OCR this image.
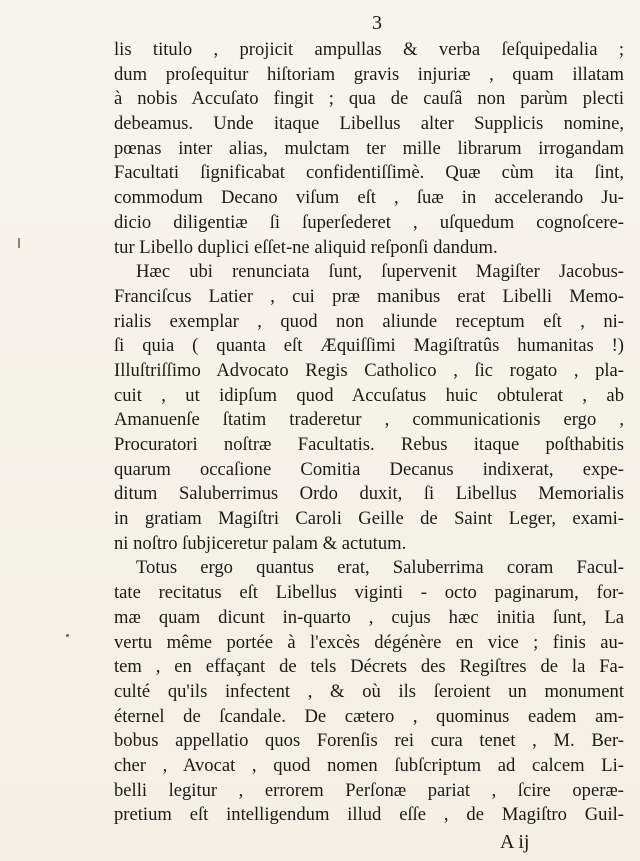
3
lis titulo , projicit ampullas & verba ſeſquipedalia ;
dum proſequitur hiſtoriam gravis injuriæ , quam illatam
à nobis Accuſato fingit ; qua de cauſâ non parùm plecti
debeamus. Unde itaque Libellus alter Supplicis nomine,
pœnas inter alias, mulctam ter mille librarum irrogandam
Facultati ſignificabat confidentiſſimè. Quæ cùm ita ſint,
commodum Decano viſum eſt , ſuæ in accelerando Ju-
dicio diligentiæ ſi ſuperſederet , uſquedum cognoſcere-
tur Libello duplici eſſet-ne aliquid reſponſi dandum.
Hæc ubi renunciata ſunt, ſupervenit Magiſter Jacobus-
Franciſcus Latier , cui præ manibus erat Libelli Memo-
rialis exemplar , quod non aliunde receptum eſt , ni-
ſi quia ( quanta eſt Æquiſſimi Magiſtratûs humanitas !)
Illuſtriſſimo Advocato Regis Catholico , ſic rogato , pla-
cuit , ut idipſum quod Accuſatus huic obtulerat , ab
Amanuenſe ſtatim traderetur , communicationis ergo ,
Procuratori noſtræ Facultatis. Rebus itaque poſthabitis
quarum occaſione Comitia Decanus indixerat, expe-
ditum Saluberrimus Ordo duxit, ſi Libellus Memorialis
in gratiam Magiſtri Caroli Geille de Saint Leger, exami-
ni noſtro ſubjiceretur palam & actutum.
Totus ergo quantus erat, Saluberrima coram Facul-
tate recitatus eſt Libellus viginti - octo paginarum, for-
mæ quam dicunt in-quarto , cujus hæc initia ſunt, La
vertu même portée à l'excès dégénère en vice ; finis au-
tem , en effaçant de tels Décrets des Regiſtres de la Fa-
culté qu'ils infectent , & où ils ſeroient un monument
éternel de ſcandale. De cætero , quominus eadem am-
bobus appellatio quos Forenſis rei cura tenet , M. Ber-
cher , Avocat , quod nomen ſubſcriptum ad calcem Li-
belli legitur , errorem Perſonæ pariat , ſcire operæ-
pretium eſt intelligendum illud eſſe , de Magiſtro Guil-
A ij
